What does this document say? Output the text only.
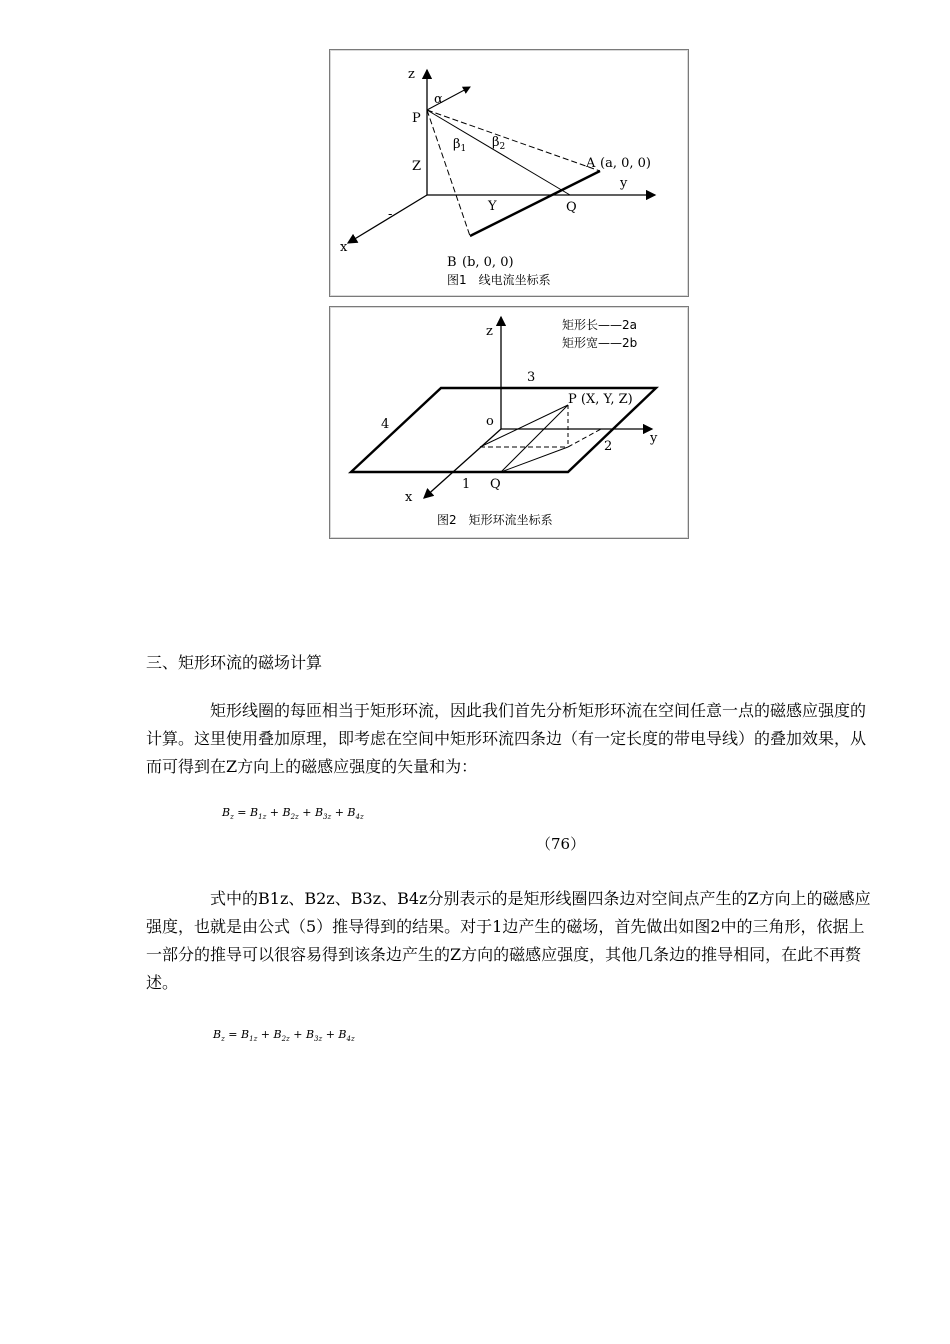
z
α
P
$\beta_1$ $\beta_2$
Z	A (a, 0, 0)
y
Y	Q
-
x
B (b, 0, 0)
图1　线电流坐标系
z	矩形长——2a
矩形宽——2b
3
P (X, Y, Z)
4	o
y
2
x
1 Q
图2　矩形环流坐标系
三、矩形环流的磁场计算

矩形线圈的每匝相当于矩形环流，因此我们首先分析矩形环流在空间任意一点的磁感应强度的计算。这里使用叠加原理，即考虑在空间中矩形环流四条边（有一定长度的带电导线）的叠加效果，从而可得到在Z方向上的磁感应强度的矢量和为：

$B_z = B_{1z} + B_{2z} + B_{3z} + B_{4z}$
（76）

式中的B1z、B2z、B3z、B4z分别表示的是矩形线圈四条边对空间点产生的Z方向上的磁感应强度，也就是由公式（5）推导得到的结果。对于1边产生的磁场，首先做出如图2中的三角形，依据上一部分的推导可以很容易得到该条边产生的Z方向的磁感应强度，其他几条边的推导相同，在此不再赘述。

$B_z = B_{1z} + B_{2z} + B_{3z} + B_{4z}$
